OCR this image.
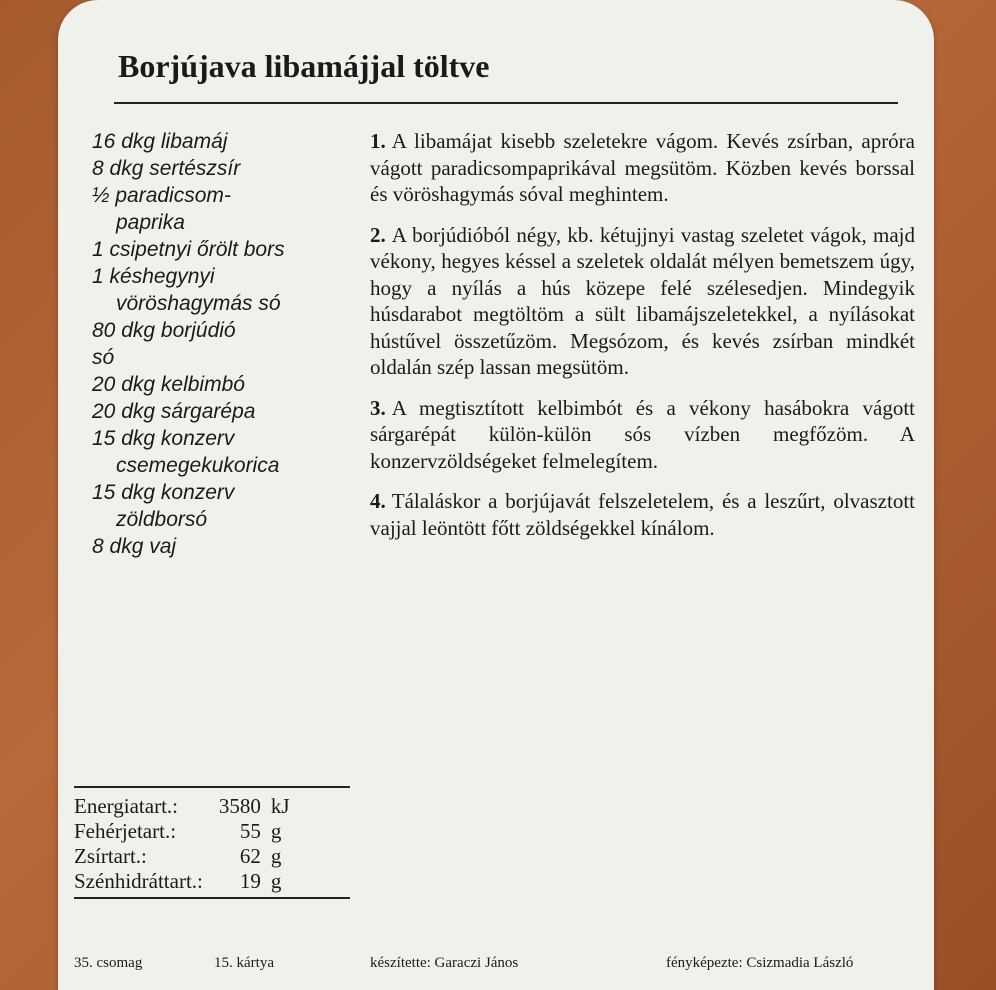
Borjújava libamájjal töltve
16 dkg libamáj
8 dkg sertészsír
½ paradicsom-
paprika
1 csipetnyi őrölt bors
1 késhegynyi
vöröshagymás só
80 dkg borjúdió
só
20 dkg kelbimbó
20 dkg sárgarépa
15 dkg konzerv
csemegekukorica
15 dkg konzerv
zöldborsó
8 dkg vaj

1. A libamájat kisebb szeletekre vágom. Kevés zsírban, apróra vágott paradicsompaprikával megsütöm. Közben kevés borssal és vöröshagymás sóval meghintem.

2. A borjúdióból négy, kb. kétujjnyi vastag szeletet vágok, majd vékony, hegyes késsel a szeletek oldalát mélyen bemetszem úgy, hogy a nyílás a hús közepe felé szélesedjen. Mindegyik húsdarabot megtöltöm a sült libamájszeletekkel, a nyílásokat hústűvel összetűzöm. Megsózom, és kevés zsírban mindkét oldalán szép lassan megsütöm.

3. A megtisztított kelbimbót és a vékony hasábokra vágott sárgarépát külön-külön sós vízben megfőzöm. A konzervzöldségeket felmelegítem.

4. Tálaláskor a borjújavát felszeletelem, és a leszűrt, olvasztott vajjal leöntött főtt zöldségekkel kínálom.

Energiatart.:	3580	kJ
Fehérjetart.:	55	g
Zsírtart.:	62	g
Szénhidráttart.:	19	g
35. csomag	15. kártya	készítette: Garaczi János	fényképezte: Csizmadia László
